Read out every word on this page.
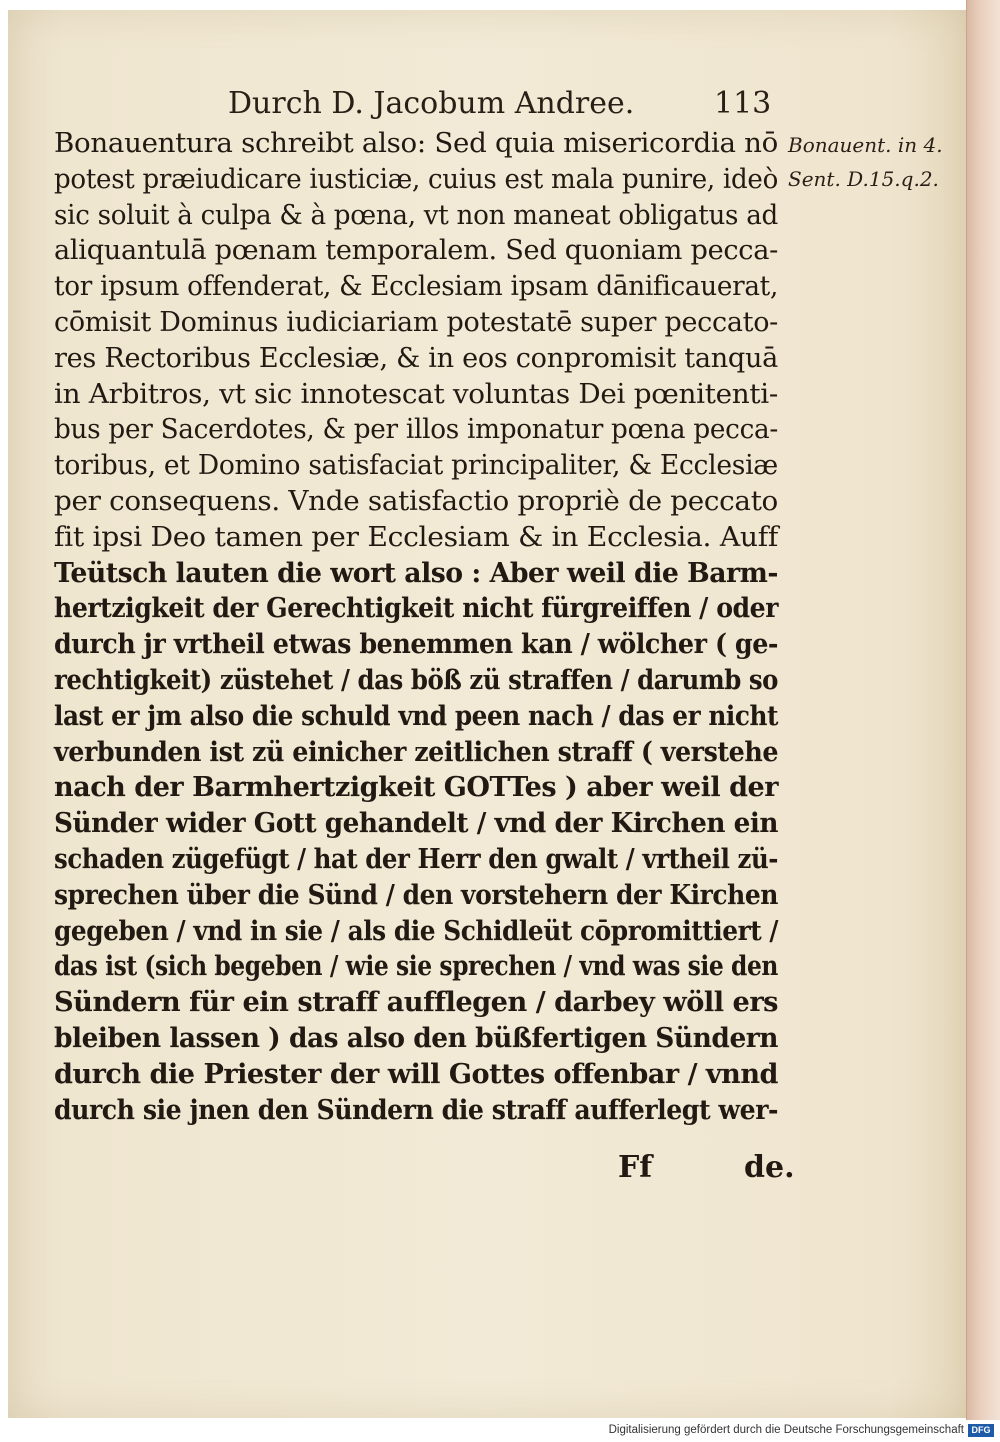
Durch D. Jacobum Andree.	113
Bonauent. in 4.
Sent. D.15.q.2.
Bonauentura schreibt also: Sed quia misericordia nō
potest præiudicare iusticiæ, cuius est mala punire, ideò
sic soluit à culpa & à pœna, vt non maneat obligatus ad
aliquantulā pœnam temporalem. Sed quoniam pecca-
tor ipsum offenderat, & Ecclesiam ipsam dānificauerat,
cōmisit Dominus iudiciariam potestatē super peccato-
res Rectoribus Ecclesiæ, & in eos conpromisit tanquā
in Arbitros, vt sic innotescat voluntas Dei pœnitenti-
bus per Sacerdotes, & per illos imponatur pœna pecca-
toribus, et Domino satisfaciat principaliter, & Ecclesiæ
per consequens. Vnde satisfactio propriè de peccato
fit ipsi Deo tamen per Ecclesiam & in Ecclesia. Auff
Teütsch lauten die wort also : Aber weil die Barm-
hertzigkeit der Gerechtigkeit nicht fürgreiffen / oder
durch jr vrtheil etwas benemmen kan / wölcher ( ge-
rechtigkeit) züstehet / das böß zü straffen / darumb so
last er jm also die schuld vnd peen nach / das er nicht
verbunden ist zü einicher zeitlichen straff ( verstehe
nach der Barmhertzigkeit GOTTes ) aber weil der
Sünder wider Gott gehandelt / vnd der Kirchen ein
schaden zügefügt / hat der Herr den gwalt / vrtheil zü-
sprechen über die Sünd / den vorstehern der Kirchen
gegeben / vnd in sie / als die Schidleüt cōpromittiert /
das ist (sich begeben / wie sie sprechen / vnd was sie den
Sündern für ein straff aufflegen / darbey wöll ers
bleiben lassen ) das also den büßfertigen Sündern
durch die Priester der will Gottes offenbar / vnnd
durch sie jnen den Sündern die straff aufferlegt wer-
Ff	de.
Digitalisierung gefördert durch die Deutsche Forschungsgemeinschaft DFG
